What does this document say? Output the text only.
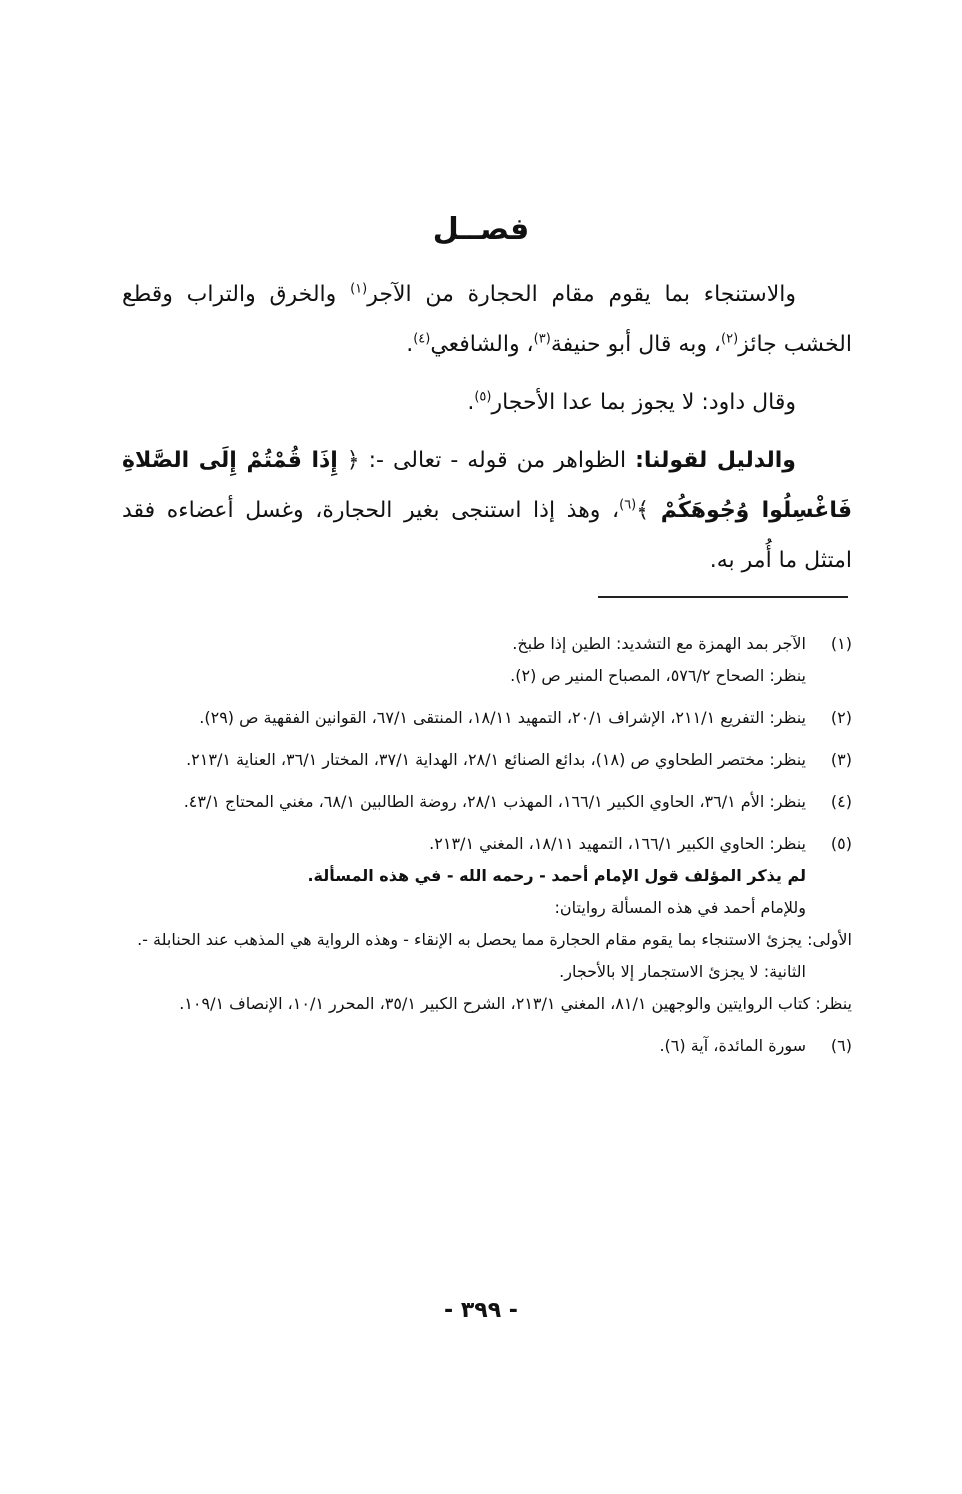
فصــل

والاستنجاء بما يقوم مقام الحجارة من الآجر$^{(١)}$ والخرق والتراب وقطع الخشب جائز$^{(٢)}$، وبه قال أبو حنيفة$^{(٣)}$، والشافعي$^{(٤)}$.

وقال داود: لا يجوز بما عدا الأحجار$^{(٥)}$.

والدليل لقولنا: الظواهر من قوله - تعالى -: ﴿ إِذَا قُمْتُمْ إِلَى الصَّلاةِ فَاغْسِلُوا وُجُوهَكُمْ ﴾$^{(٦)}$، وهذ إذا استنجى بغير الحجارة، وغسل أعضاءه فقد امتثل ما أُمر به.

(١)
الآجر بمد الهمزة مع التشديد: الطين إذا طبخ.
ينظر: الصحاح ٥٧٦/٢، المصباح المنير ص (٢).
(٢)
ينظر: التفريع ٢١١/١، الإشراف ٢٠/١، التمهيد ١٨/١١، المنتقى ٦٧/١، القوانين الفقهية ص (٢٩).
(٣)
ينظر: مختصر الطحاوي ص (١٨)، بدائع الصنائع ٢٨/١، الهداية ٣٧/١، المختار ٣٦/١، العناية ٢١٣/١.
(٤)
ينظر: الأم ٣٦/١، الحاوي الكبير ١٦٦/١، المهذب ٢٨/١، روضة الطالبين ٦٨/١، مغني المحتاج ٤٣/١.
(٥)
ينظر: الحاوي الكبير ١٦٦/١، التمهيد ١٨/١١، المغني ٢١٣/١.
لم يذكر المؤلف قول الإمام أحمد - رحمه الله - في هذه المسألة.
وللإمام أحمد في هذه المسألة روايتان:
الأولى: يجزئ الاستنجاء بما يقوم مقام الحجارة مما يحصل به الإنقاء - وهذه الرواية هي المذهب عند الحنابلة -.
الثانية: لا يجزئ الاستجمار إلا بالأحجار.
ينظر: كتاب الروايتين والوجهين ٨١/١، المغني ٢١٣/١، الشرح الكبير ٣٥/١، المحرر ١٠/١، الإنصاف ١٠٩/١.
(٦)
سورة المائدة، آية (٦).
- ٣٩٩ -
